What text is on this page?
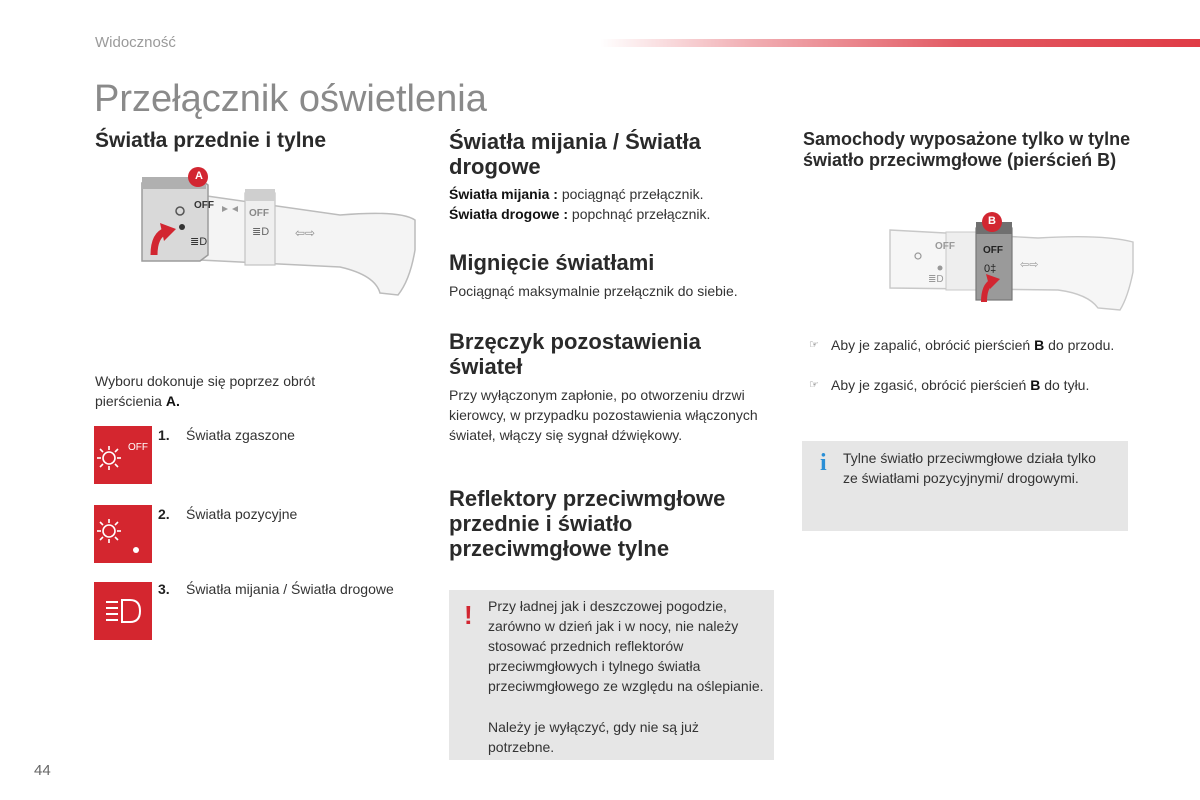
Widoczność
Przełącznik oświetlenia
Światła przednie i tylne
⇦⇨
≣D
≣D
A
OFF
OFF
Wyboru dokonuje się poprzez obrót
pierścienia A.
OFF
1. Światła zgaszone
2. Światła pozycyjne
3. Światła mijania / Światła drogowe
Światła mijania / Światła drogowe
Światła mijania : pociągnąć przełącznik.
Światła drogowe : popchnąć przełącznik.
Mignięcie światłami

Pociągnąć maksymalnie przełącznik do siebie.

Brzęczyk pozostawienia świateł

Przy wyłączonym zapłonie, po otworzeniu drzwi kierowcy, w przypadku pozostawienia włączonych świateł, włączy się sygnał dźwiękowy.

Reflektory przeciwmgłowe przednie i światło przeciwmgłowe tylne
! Przy ładnej jak i deszczowej pogodzie, zarówno w dzień jak i w nocy, nie należy stosować przednich reflektorów przeciwmgłowych i tylnego światła przeciwmgłowego ze względu na oślepianie.

Należy je wyłączyć, gdy nie są już potrzebne.

Samochody wyposażone tylko w tylne światło przeciwmgłowe (pierścień B)
≣D
0‡ ⇦⇨
B
OFF	OFF
☞ Aby je zapalić, obrócić pierścień B do przodu.
☞ Aby je zgasić, obrócić pierścień B do tyłu.
i Tylne światło przeciwmgłowe działa tylko ze światłami pozycyjnymi/ drogowymi.

44
